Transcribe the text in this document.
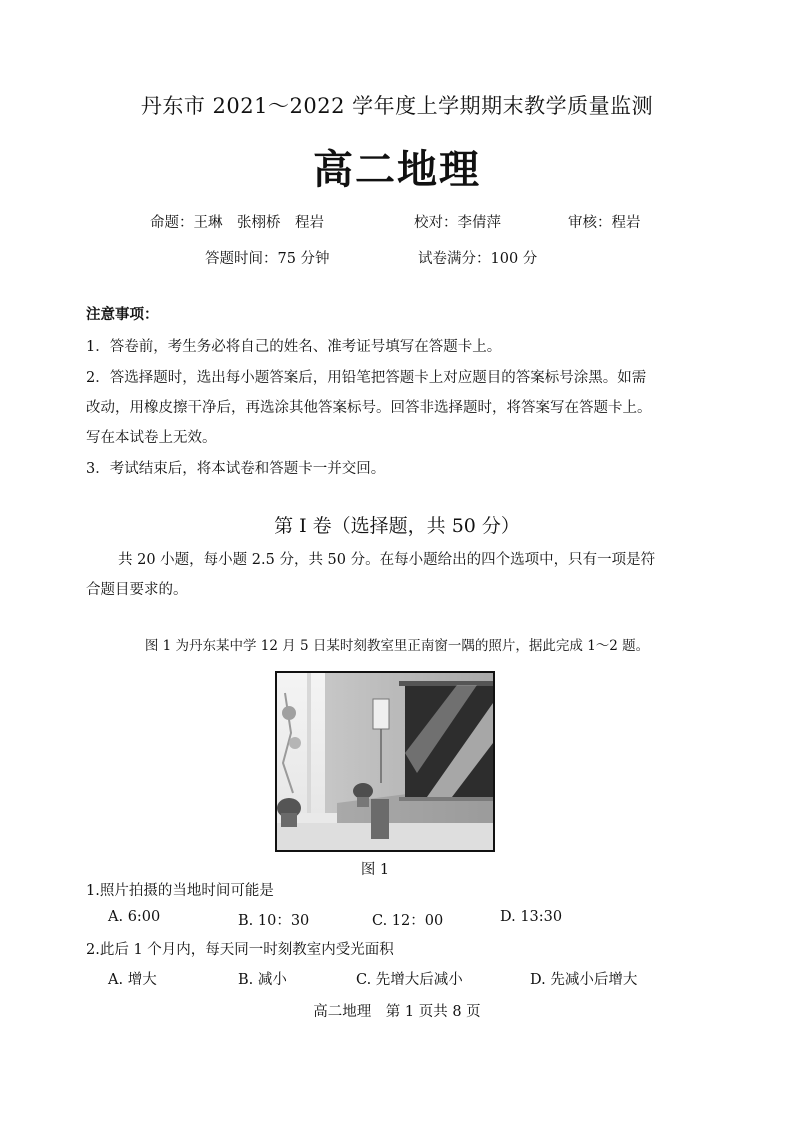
丹东市 2021～2022 学年度上学期期末教学质量监测
高二地理
命题：王琳　张栩桥　程岩	校对：李倩萍	审核：程岩
答题时间：75 分钟	试卷满分：100 分
注意事项：
1．答卷前，考生务必将自己的姓名、准考证号填写在答题卡上。
2．答选择题时，选出每小题答案后，用铅笔把答题卡上对应题目的答案标号涂黑。如需
改动，用橡皮擦干净后，再选涂其他答案标号。回答非选择题时，将答案写在答题卡上。
写在本试卷上无效。
3．考试结束后，将本试卷和答题卡一并交回。
第 I 卷（选择题，共 50 分）
共 20 小题，每小题 2.5 分，共 50 分。在每小题给出的四个选项中，只有一项是符
合题目要求的。
图 1 为丹东某中学 12 月 5 日某时刻教室里正南窗一隅的照片，据此完成 1～2 题。
图 1
1.照片拍摄的当地时间可能是
A. 6:00	B. 10：30	C. 12：00	D. 13:30
2.此后 1 个月内，每天同一时刻教室内受光面积
A. 增大	B. 减小	C. 先增大后减小	D. 先减小后增大
高二地理　第 1 页共 8 页
